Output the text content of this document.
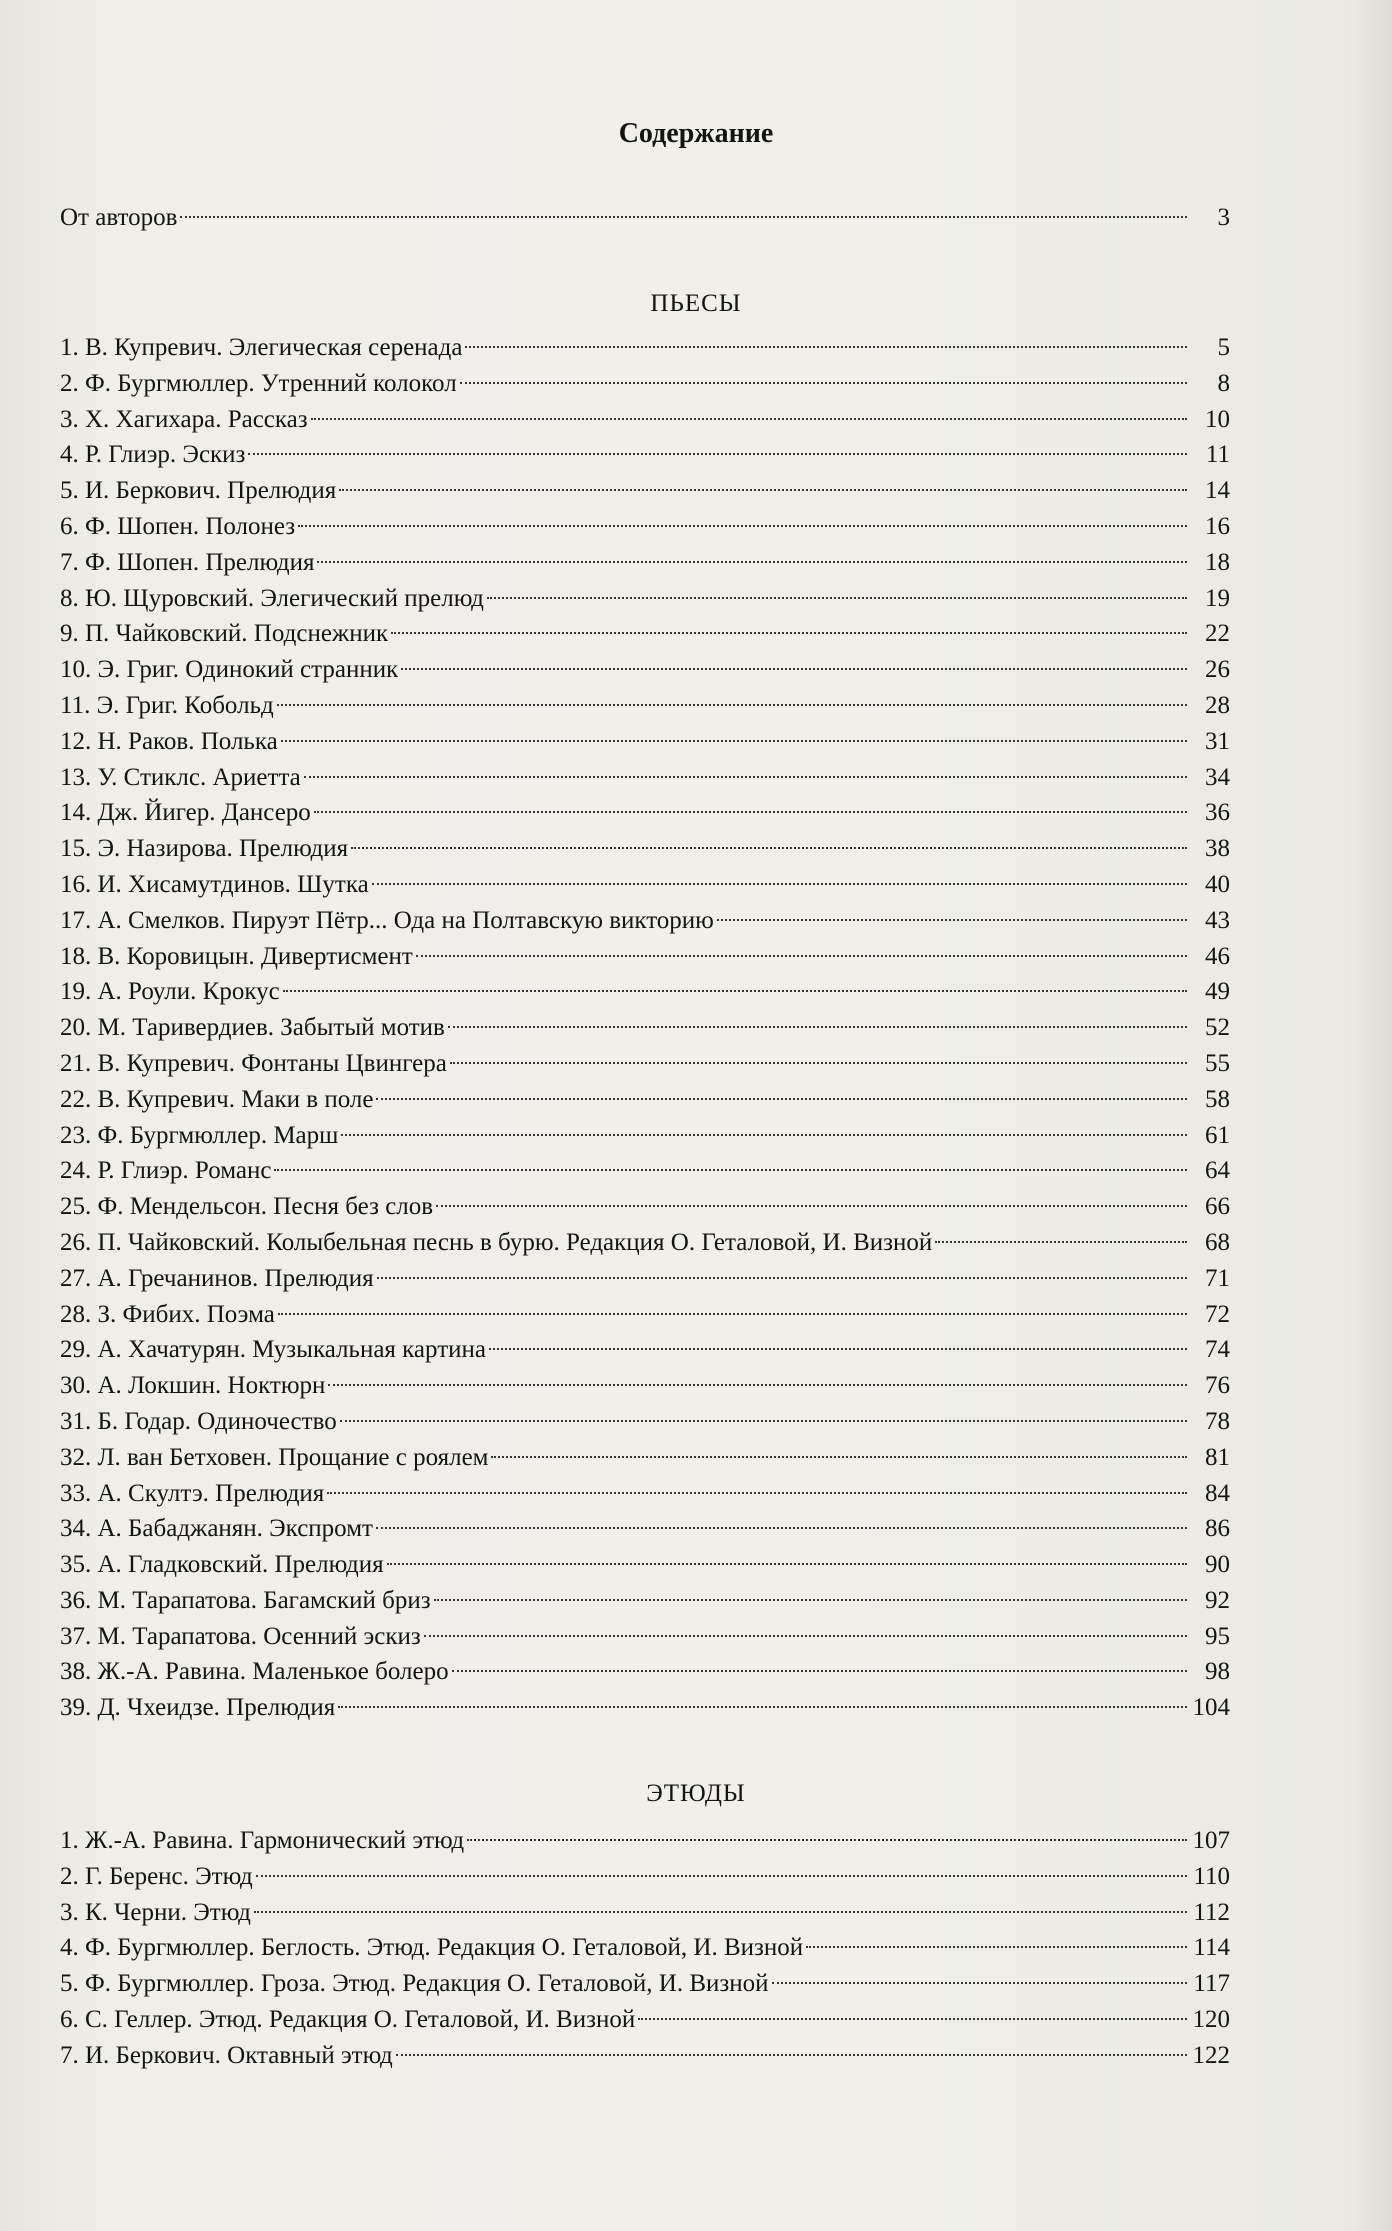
Содержание
От авторов	3
ПЬЕСЫ
1. В. Купревич. Элегическая серенада	5
2. Ф. Бургмюллер. Утренний колокол	8
3. Х. Хагихара. Рассказ	10
4. Р. Глиэр. Эскиз	11
5. И. Беркович. Прелюдия	14
6. Ф. Шопен. Полонез	16
7. Ф. Шопен. Прелюдия	18
8. Ю. Щуровский. Элегический прелюд	19
9. П. Чайковский. Подснежник	22
10. Э. Григ. Одинокий странник	26
11. Э. Григ. Кобольд	28
12. Н. Раков. Полька	31
13. У. Стиклс. Ариетта	34
14. Дж. Йигер. Дансеро	36
15. Э. Назирова. Прелюдия	38
16. И. Хисамутдинов. Шутка	40
17. А. Смелков. Пируэт Пётр... Ода на Полтавскую викторию	43
18. В. Коровицын. Дивертисмент	46
19. А. Роули. Крокус	49
20. М. Таривердиев. Забытый мотив	52
21. В. Купревич. Фонтаны Цвингера	55
22. В. Купревич. Маки в поле	58
23. Ф. Бургмюллер. Марш	61
24. Р. Глиэр. Романс	64
25. Ф. Мендельсон. Песня без слов	66
26. П. Чайковский. Колыбельная песнь в бурю. Редакция О. Геталовой, И. Визной	68
27. А. Гречанинов. Прелюдия	71
28. З. Фибих. Поэма	72
29. А. Хачатурян. Музыкальная картина	74
30. А. Локшин. Ноктюрн	76
31. Б. Годар. Одиночество	78
32. Л. ван Бетховен. Прощание с роялем	81
33. А. Скултэ. Прелюдия	84
34. А. Бабаджанян. Экспромт	86
35. А. Гладковский. Прелюдия	90
36. М. Тарапатова. Багамский бриз	92
37. М. Тарапатова. Осенний эскиз	95
38. Ж.-А. Равина. Маленькое болеро	98
39. Д. Чхеидзе. Прелюдия	104
ЭТЮДЫ
1. Ж.-А. Равина. Гармонический этюд	107
2. Г. Беренс. Этюд	110
3. К. Черни. Этюд	112
4. Ф. Бургмюллер. Беглость. Этюд. Редакция О. Геталовой, И. Визной	114
5. Ф. Бургмюллер. Гроза. Этюд. Редакция О. Геталовой, И. Визной	117
6. С. Геллер. Этюд. Редакция О. Геталовой, И. Визной	120
7. И. Беркович. Октавный этюд	122
